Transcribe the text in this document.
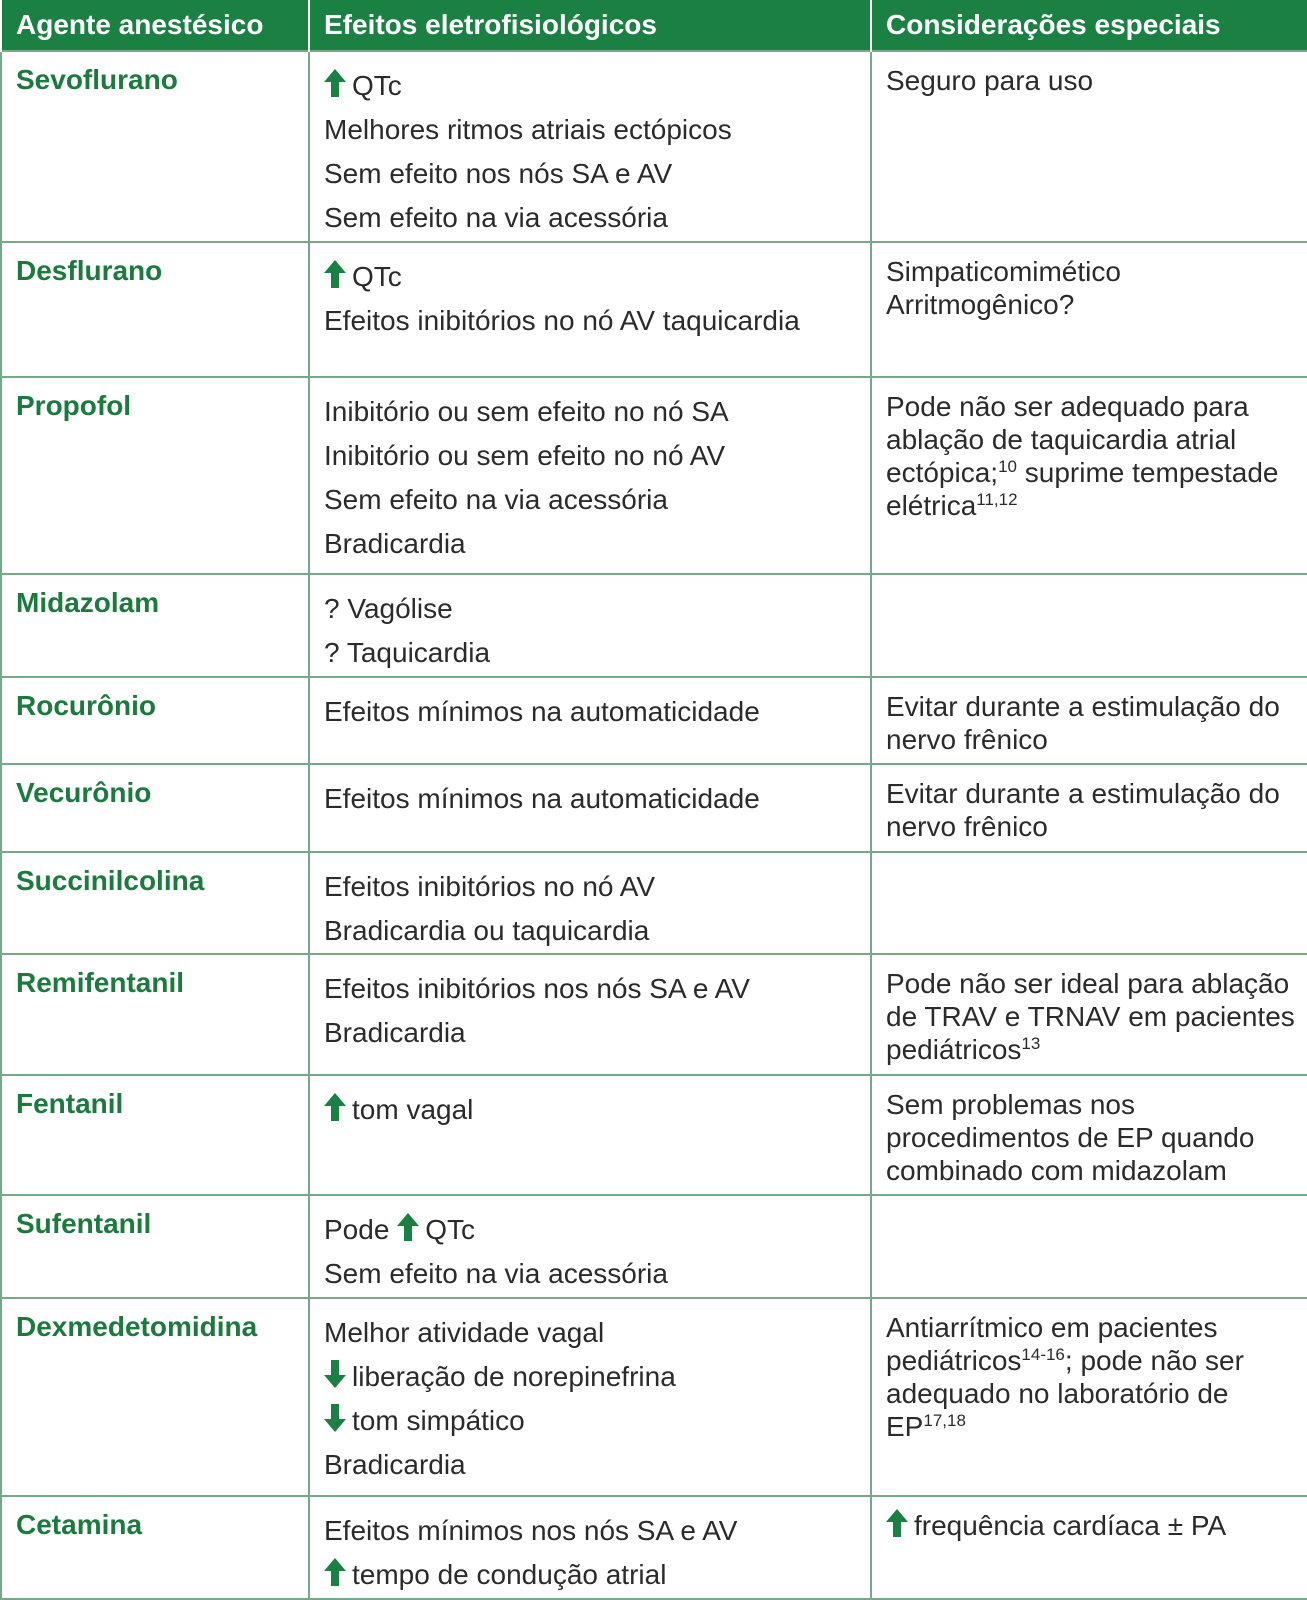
Agente anestésico	Efeitos eletrofisiológicos	Considerações especiais
Sevoflurano	QTc
Melhores ritmos atriais ectópicos
Sem efeito nos nós SA e AV
Sem efeito na via acessória	Seguro para uso

Desflurano	QTc
Efeitos inibitórios no nó AV taquicardia	Simpaticomimético
Arritmogênico?

Propofol	Inibitório ou sem efeito no nó SA
Inibitório ou sem efeito no nó AV
Sem efeito na via acessória
Bradicardia	Pode não ser adequado para ablação de taquicardia atrial ectópica;$^{10}$ suprime tempestade elétrica$^{11,12}$

Midazolam	? Vagólise
? Taquicardia	

Rocurônio	Efeitos mínimos na automaticidade	Evitar durante a estimulação do nervo frênico

Vecurônio	Efeitos mínimos na automaticidade	Evitar durante a estimulação do nervo frênico

Succinilcolina	Efeitos inibitórios no nó AV
Bradicardia ou taquicardia	

Remifentanil	Efeitos inibitórios nos nós SA e AV
Bradicardia	Pode não ser ideal para ablação de TRAV e TRNAV em pacientes pediátricos$^{13}$

Fentanil	tom vagal	Sem problemas nos procedimentos de EP quando combinado com midazolam

Sufentanil	Pode QTc
Sem efeito na via acessória	

Dexmedetomidina	Melhor atividade vagal
liberação de norepinefrina
tom simpático
Bradicardia	Antiarrítmico em pacientes pediátricos$^{14-16}$; pode não ser adequado no laboratório de EP$^{17,18}$

Cetamina	Efeitos mínimos nos nós SA e AV
tempo de condução atrial	frequência cardíaca ± PA
